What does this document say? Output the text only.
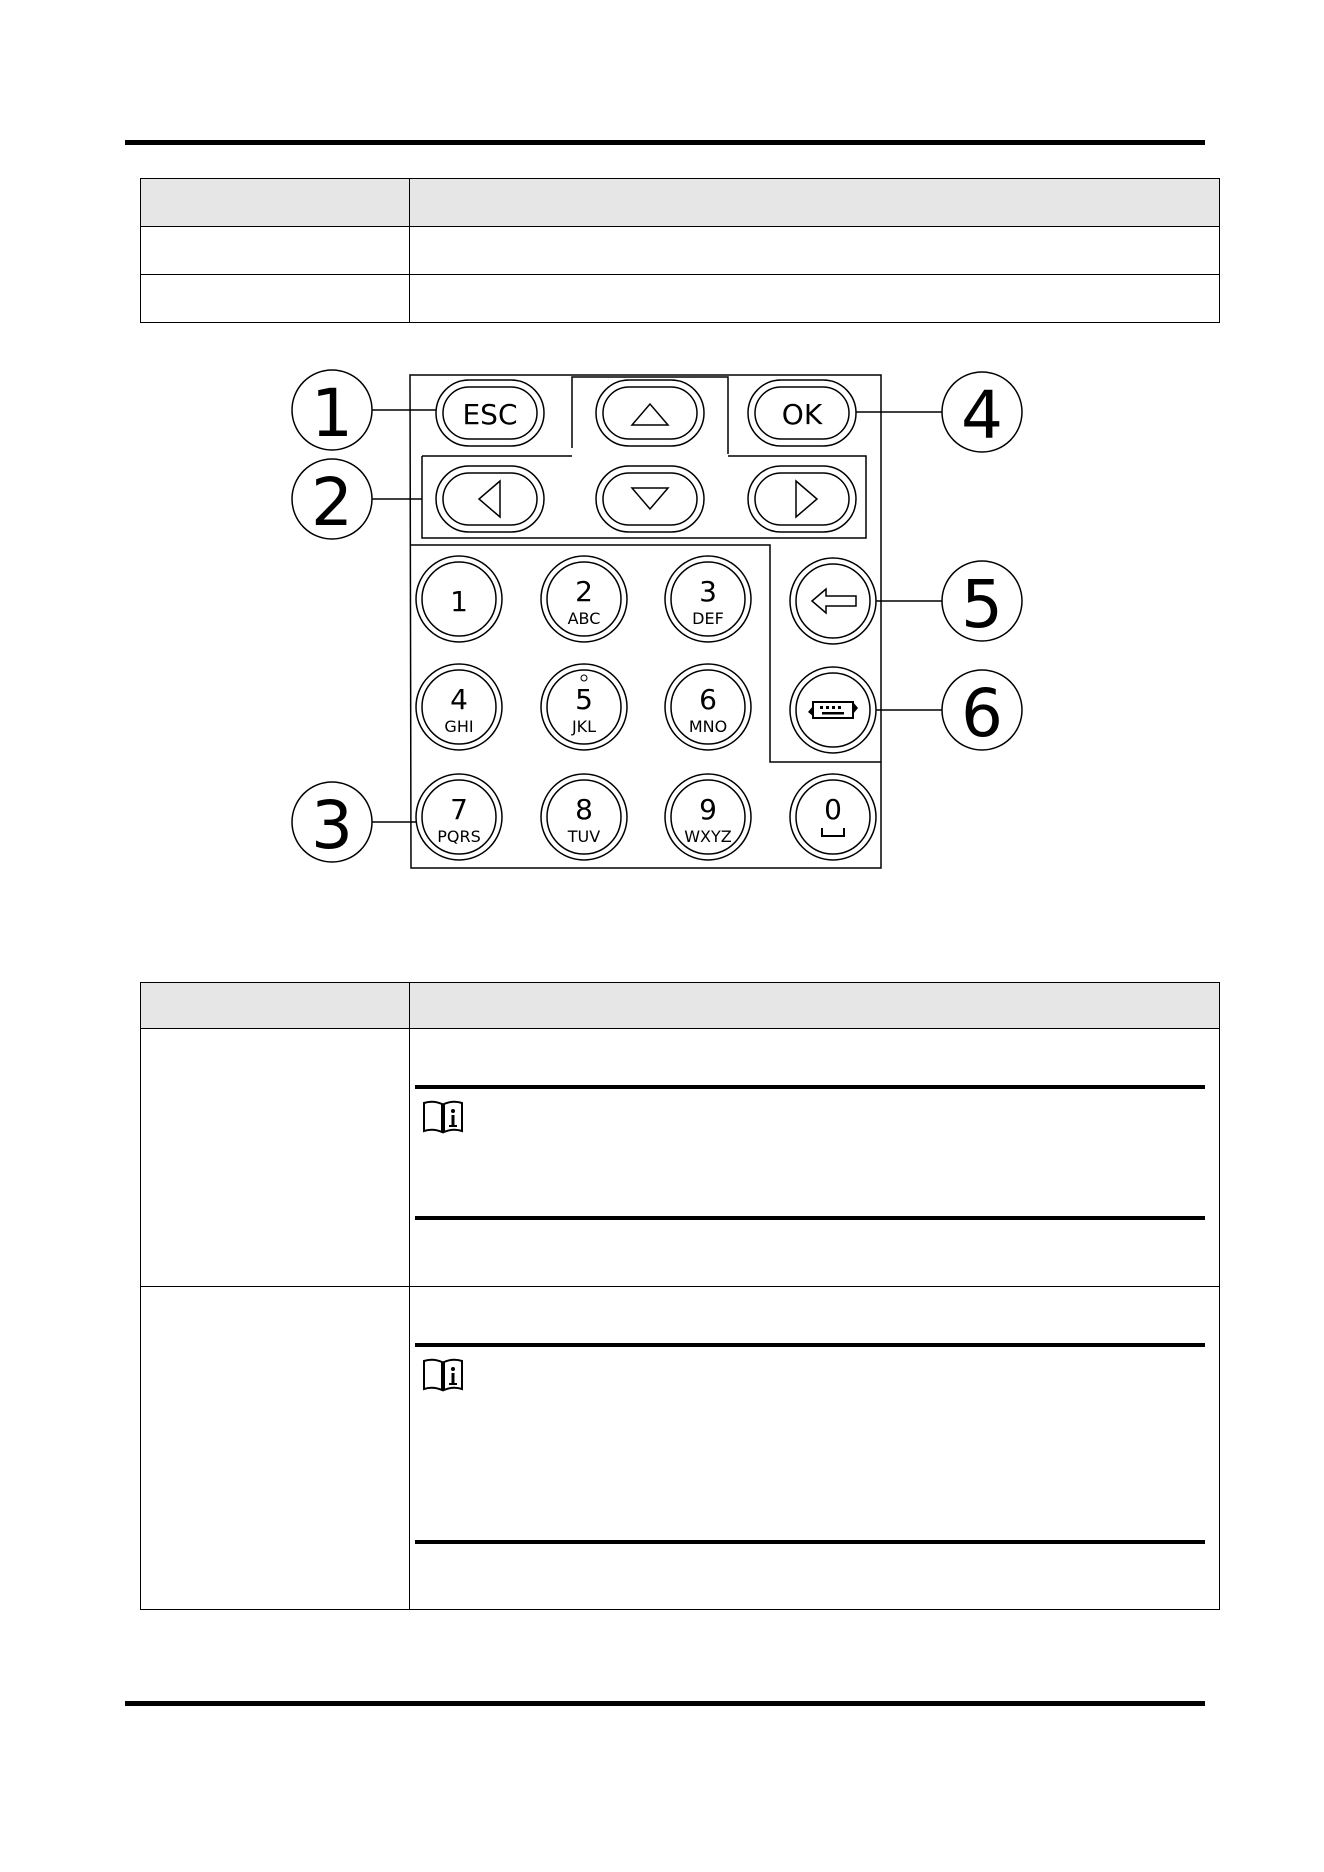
ESC	OK
1	2
ABC
3
DEF
4
GHI
5
JKL
6
MNO
7
PQRS
8
TUV
9
WXYZ
0
1
2
3
4
5
6
